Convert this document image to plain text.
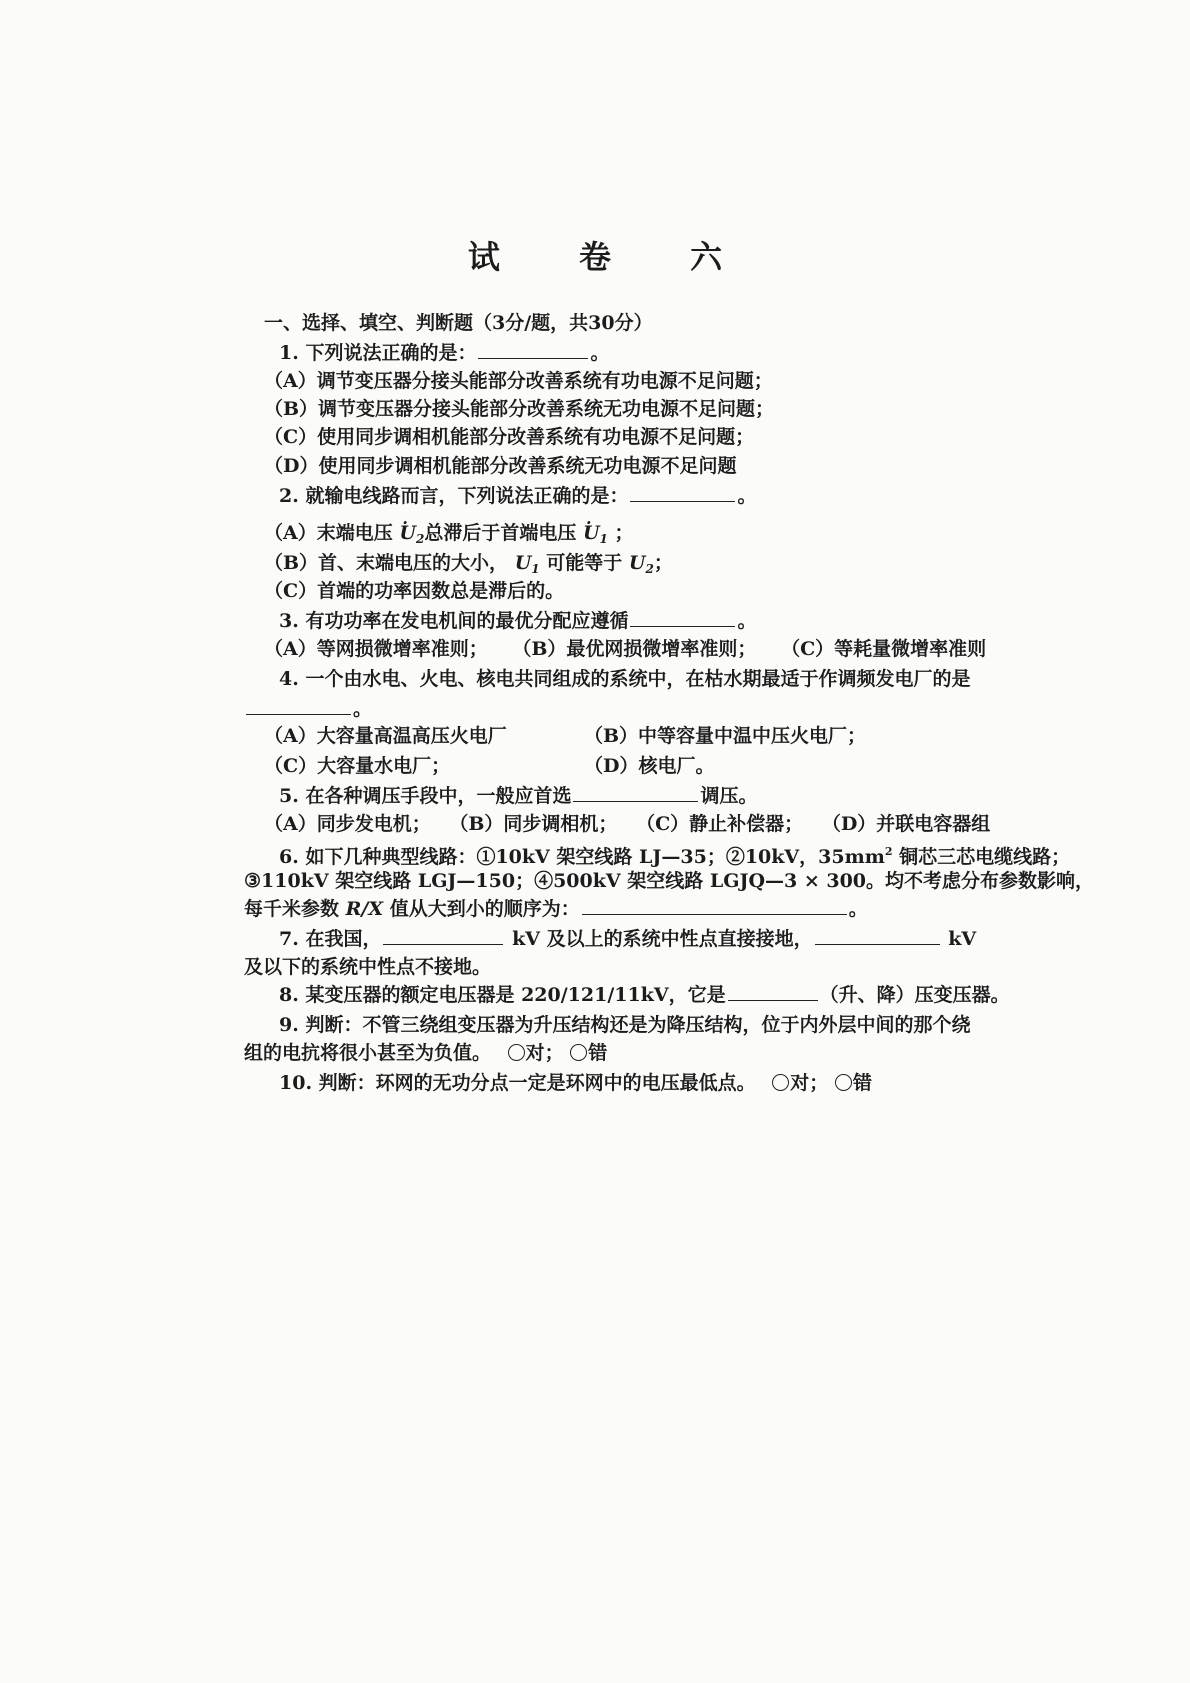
试 卷 六
一、选择、填空、判断题（3分/题，共30分）
1. 下列说法正确的是：	。
（A）调节变压器分接头能部分改善系统有功电源不足问题；
（B）调节变压器分接头能部分改善系统无功电源不足问题；
（C）使用同步调相机能部分改善系统有功电源不足问题；
（D）使用同步调相机能部分改善系统无功电源不足问题
2. 就输电线路而言，下列说法正确的是：	。
（A）末端电压 · $U_2$总滞后于首端电压 · $U_1$ ；
（B）首、末端电压的大小， $U_1$ 可能等于 $U_2$；
（C）首端的功率因数总是滞后的。
3. 有功功率在发电机间的最优分配应遵循	。
（A）等网损微增率准则； （B）最优网损微增率准则； （C）等耗量微增率准则
4. 一个由水电、火电、核电共同组成的系统中，在枯水期最适于作调频发电厂的是
。
（A）大容量高温高压火电厂	（B）中等容量中温中压火电厂；
（C）大容量水电厂；	（D）核电厂。
5. 在各种调压手段中，一般应首选	调压。
（A）同步发电机； （B）同步调相机； （C）静止补偿器； （D）并联电容器组
6. 如下几种典型线路：①10kV 架空线路 LJ—35；②10kV，$35mm^2$ 铜芯三芯电缆线路；
③110kV 架空线路 LGJ—150；④500kV 架空线路 LGJQ—3 × 300。均不考虑分布参数影响，
每千米参数 R/X 值从大到小的顺序为：	。
7. 在我国，	kV 及以上的系统中性点直接接地，	kV
及以下的系统中性点不接地。
8. 某变压器的额定电压器是 220/121/11kV，它是	（升、降）压变压器。
9. 判断：不管三绕组变压器为升压结构还是为降压结构，位于内外层中间的那个绕
组的电抗将很小甚至为负值。 对； 错
10. 判断：环网的无功分点一定是环网中的电压最低点。 对； 错
